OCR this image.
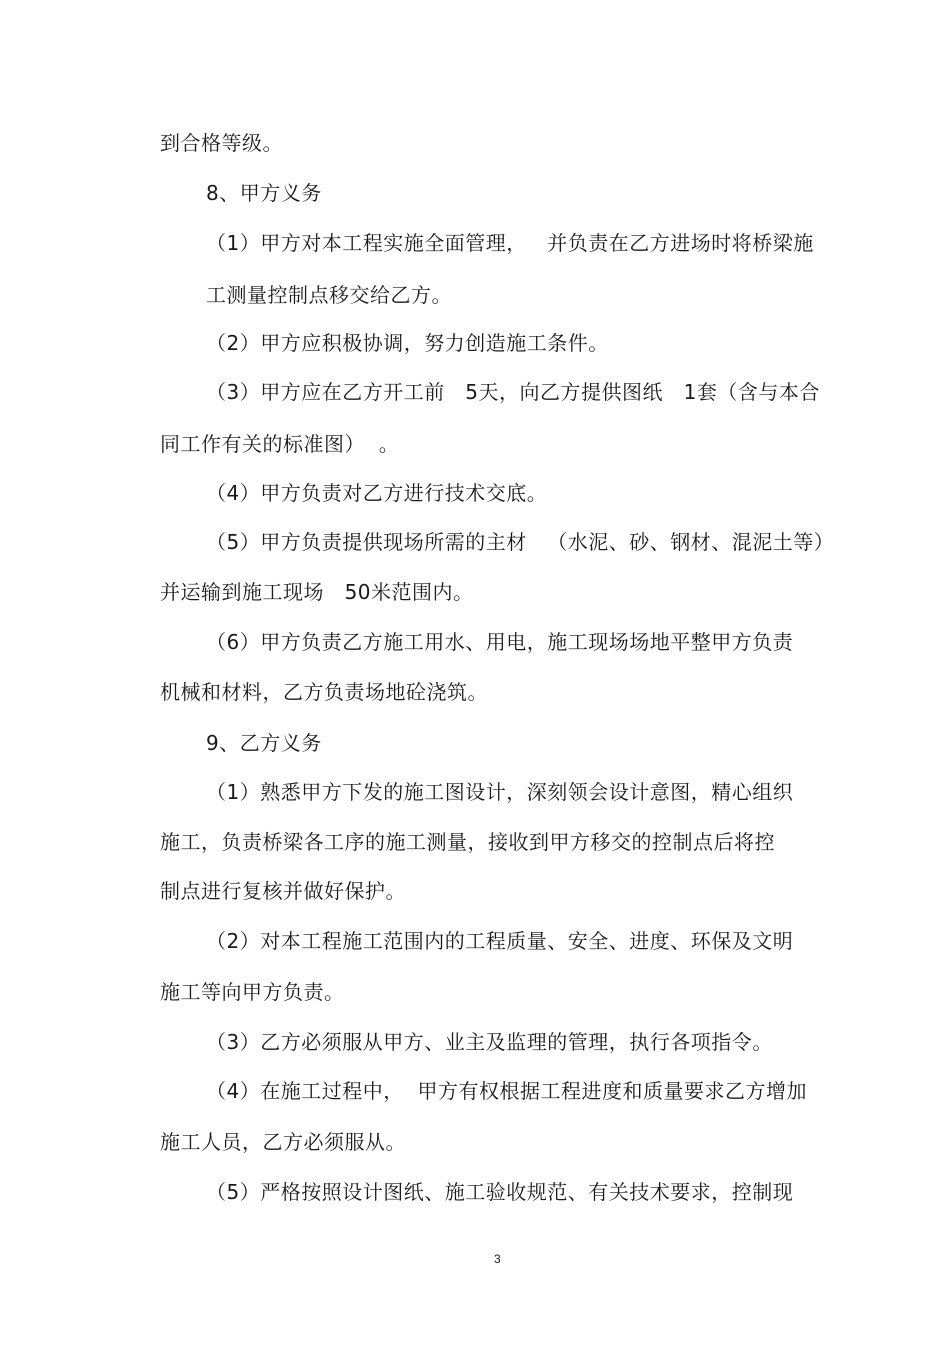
到合格等级。
8、甲方义务
（1）甲方对本工程实施全面管理，   并负责在乙方进场时将桥梁施
工测量控制点移交给乙方。
（2）甲方应积极协调，努力创造施工条件。
（3）甲方应在乙方开工前   5天，向乙方提供图纸   1套（含与本合
同工作有关的标准图）  。
（4）甲方负责对乙方进行技术交底。
（5）甲方负责提供现场所需的主材   （水泥、砂、钢材、混泥土等）
并运输到施工现场   50米范围内。
（6）甲方负责乙方施工用水、用电，施工现场场地平整甲方负责
机械和材料，乙方负责场地砼浇筑。
9、乙方义务
（1）熟悉甲方下发的施工图设计，深刻领会设计意图，精心组织
施工，负责桥梁各工序的施工测量，接收到甲方移交的控制点后将控
制点进行复核并做好保护。
（2）对本工程施工范围内的工程质量、安全、进度、环保及文明
施工等向甲方负责。
（3）乙方必须服从甲方、业主及监理的管理，执行各项指令。
（4）在施工过程中，  甲方有权根据工程进度和质量要求乙方增加
施工人员，乙方必须服从。
（5）严格按照设计图纸、施工验收规范、有关技术要求，控制现
3
